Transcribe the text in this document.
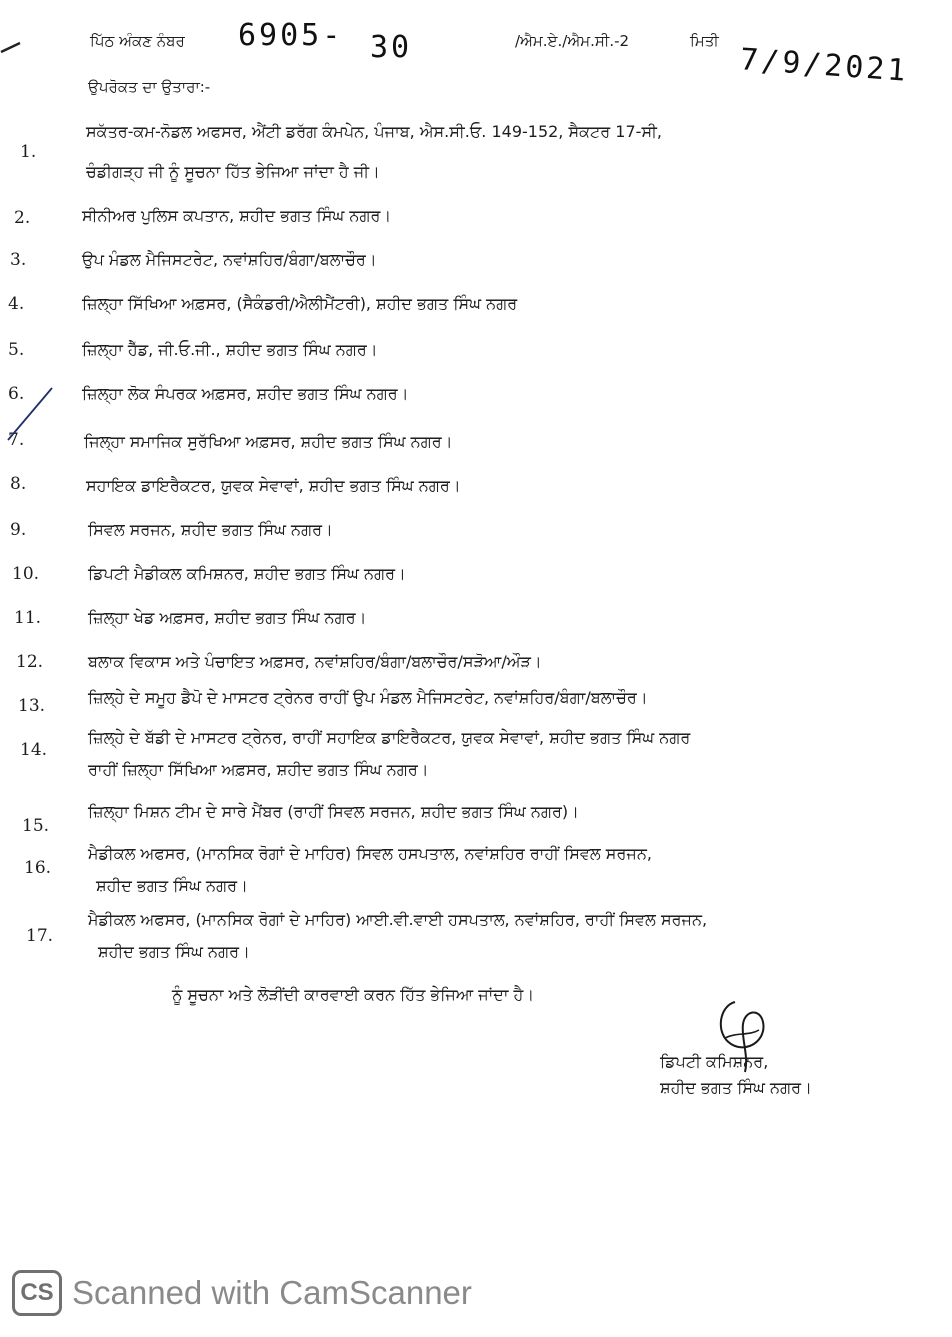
ਪਿੱਠ ਅੰਕਣ ਨੰਬਰ 6905- 30	/ਐਮ.ਏ./ਐਮ.ਸੀ.-2	ਮਿਤੀ
7/9/2021
ਉਪਰੋਕਤ ਦਾ ਉਤਾਰਾ:-
1.
ਸਕੱਤਰ-ਕਮ-ਨੋਡਲ ਅਫਸਰ, ਐਂਟੀ ਡਰੱਗ ਕੰਮਪੇਨ, ਪੰਜਾਬ, ਐਸ.ਸੀ.ਓ. 149-152, ਸੈਕਟਰ 17-ਸੀ,
ਚੰਡੀਗੜ੍ਹ ਜੀ ਨੂੰ ਸੂਚਨਾ ਹਿੱਤ ਭੇਜਿਆ ਜਾਂਦਾ ਹੈ ਜੀ।
2.	ਸੀਨੀਅਰ ਪੁਲਿਸ ਕਪਤਾਨ, ਸ਼ਹੀਦ ਭਗਤ ਸਿੰਘ ਨਗਰ।
3.	ਉਪ ਮੰਡਲ ਮੈਜਿਸਟਰੇਟ, ਨਵਾਂਸ਼ਹਿਰ/ਬੰਗਾ/ਬਲਾਚੌਰ।
4.	ਜ਼ਿਲ੍ਹਾ ਸਿੱਖਿਆ ਅਫ਼ਸਰ, (ਸੈਕੰਡਰੀ/ਐਲੀਮੈਂਟਰੀ), ਸ਼ਹੀਦ ਭਗਤ ਸਿੰਘ ਨਗਰ
5.	ਜ਼ਿਲ੍ਹਾ ਹੈੱਡ, ਜੀ.ਓ.ਜੀ., ਸ਼ਹੀਦ ਭਗਤ ਸਿੰਘ ਨਗਰ।
6.	ਜ਼ਿਲ੍ਹਾ ਲੋਕ ਸੰਪਰਕ ਅਫ਼ਸਰ, ਸ਼ਹੀਦ ਭਗਤ ਸਿੰਘ ਨਗਰ।
7.	ਜਿਲ੍ਹਾ ਸਮਾਜਿਕ ਸੁਰੱਖਿਆ ਅਫ਼ਸਰ, ਸ਼ਹੀਦ ਭਗਤ ਸਿੰਘ ਨਗਰ।
8.	ਸਹਾਇਕ ਡਾਇਰੈਕਟਰ, ਯੁਵਕ ਸੇਵਾਵਾਂ, ਸ਼ਹੀਦ ਭਗਤ ਸਿੰਘ ਨਗਰ।
9.	ਸਿਵਲ ਸਰਜਨ, ਸ਼ਹੀਦ ਭਗਤ ਸਿੰਘ ਨਗਰ।
10.	ਡਿਪਟੀ ਮੈਡੀਕਲ ਕਮਿਸ਼ਨਰ, ਸ਼ਹੀਦ ਭਗਤ ਸਿੰਘ ਨਗਰ।
11.	ਜ਼ਿਲ੍ਹਾ ਖੇਡ ਅਫ਼ਸਰ, ਸ਼ਹੀਦ ਭਗਤ ਸਿੰਘ ਨਗਰ।
12.	ਬਲਾਕ ਵਿਕਾਸ ਅਤੇ ਪੰਚਾਇਤ ਅਫ਼ਸਰ, ਨਵਾਂਸ਼ਹਿਰ/ਬੰਗਾ/ਬਲਾਚੌਰ/ਸੜੋਆ/ਔੜ।
13.	ਜ਼ਿਲ੍ਹੇ ਦੇ ਸਮੂਹ ਡੈਪੋ ਦੇ ਮਾਸਟਰ ਟ੍ਰੇਨਰ ਰਾਹੀਂ ਉਪ ਮੰਡਲ ਮੈਜਿਸਟਰੇਟ, ਨਵਾਂਸ਼ਹਿਰ/ਬੰਗਾ/ਬਲਾਚੌਰ।
14.
ਜ਼ਿਲ੍ਹੇ ਦੇ ਬੱਡੀ ਦੇ ਮਾਸਟਰ ਟ੍ਰੇਨਰ, ਰਾਹੀਂ ਸਹਾਇਕ ਡਾਇਰੈਕਟਰ, ਯੁਵਕ ਸੇਵਾਵਾਂ, ਸ਼ਹੀਦ ਭਗਤ ਸਿੰਘ ਨਗਰ
ਰਾਹੀਂ ਜ਼ਿਲ੍ਹਾ ਸਿੱਖਿਆ ਅਫ਼ਸਰ, ਸ਼ਹੀਦ ਭਗਤ ਸਿੰਘ ਨਗਰ।
15.
ਜ਼ਿਲ੍ਹਾ ਮਿਸ਼ਨ ਟੀਮ ਦੇ ਸਾਰੇ ਮੈਂਬਰ (ਰਾਹੀਂ ਸਿਵਲ ਸਰਜਨ, ਸ਼ਹੀਦ ਭਗਤ ਸਿੰਘ ਨਗਰ)।
16.
ਮੈਡੀਕਲ ਅਫਸਰ, (ਮਾਨਸਿਕ ਰੋਗਾਂ ਦੇ ਮਾਹਿਰ) ਸਿਵਲ ਹਸਪਤਾਲ, ਨਵਾਂਸ਼ਹਿਰ ਰਾਹੀਂ ਸਿਵਲ ਸਰਜਨ,
ਸ਼ਹੀਦ ਭਗਤ ਸਿੰਘ ਨਗਰ।
17.
ਮੈਡੀਕਲ ਅਫਸਰ, (ਮਾਨਸਿਕ ਰੋਗਾਂ ਦੇ ਮਾਹਿਰ) ਆਈ.ਵੀ.ਵਾਈ ਹਸਪਤਾਲ, ਨਵਾਂਸ਼ਹਿਰ, ਰਾਹੀਂ ਸਿਵਲ ਸਰਜਨ,
ਸ਼ਹੀਦ ਭਗਤ ਸਿੰਘ ਨਗਰ।
ਨੂੰ ਸੂਚਨਾ ਅਤੇ ਲੋੜੀਂਦੀ ਕਾਰਵਾਈ ਕਰਨ ਹਿੱਤ ਭੇਜਿਆ ਜਾਂਦਾ ਹੈ।
ਡਿਪਟੀ ਕਮਿਸ਼ਨਰ,
ਸ਼ਹੀਦ ਭਗਤ ਸਿੰਘ ਨਗਰ।
CS Scanned with CamScanner
